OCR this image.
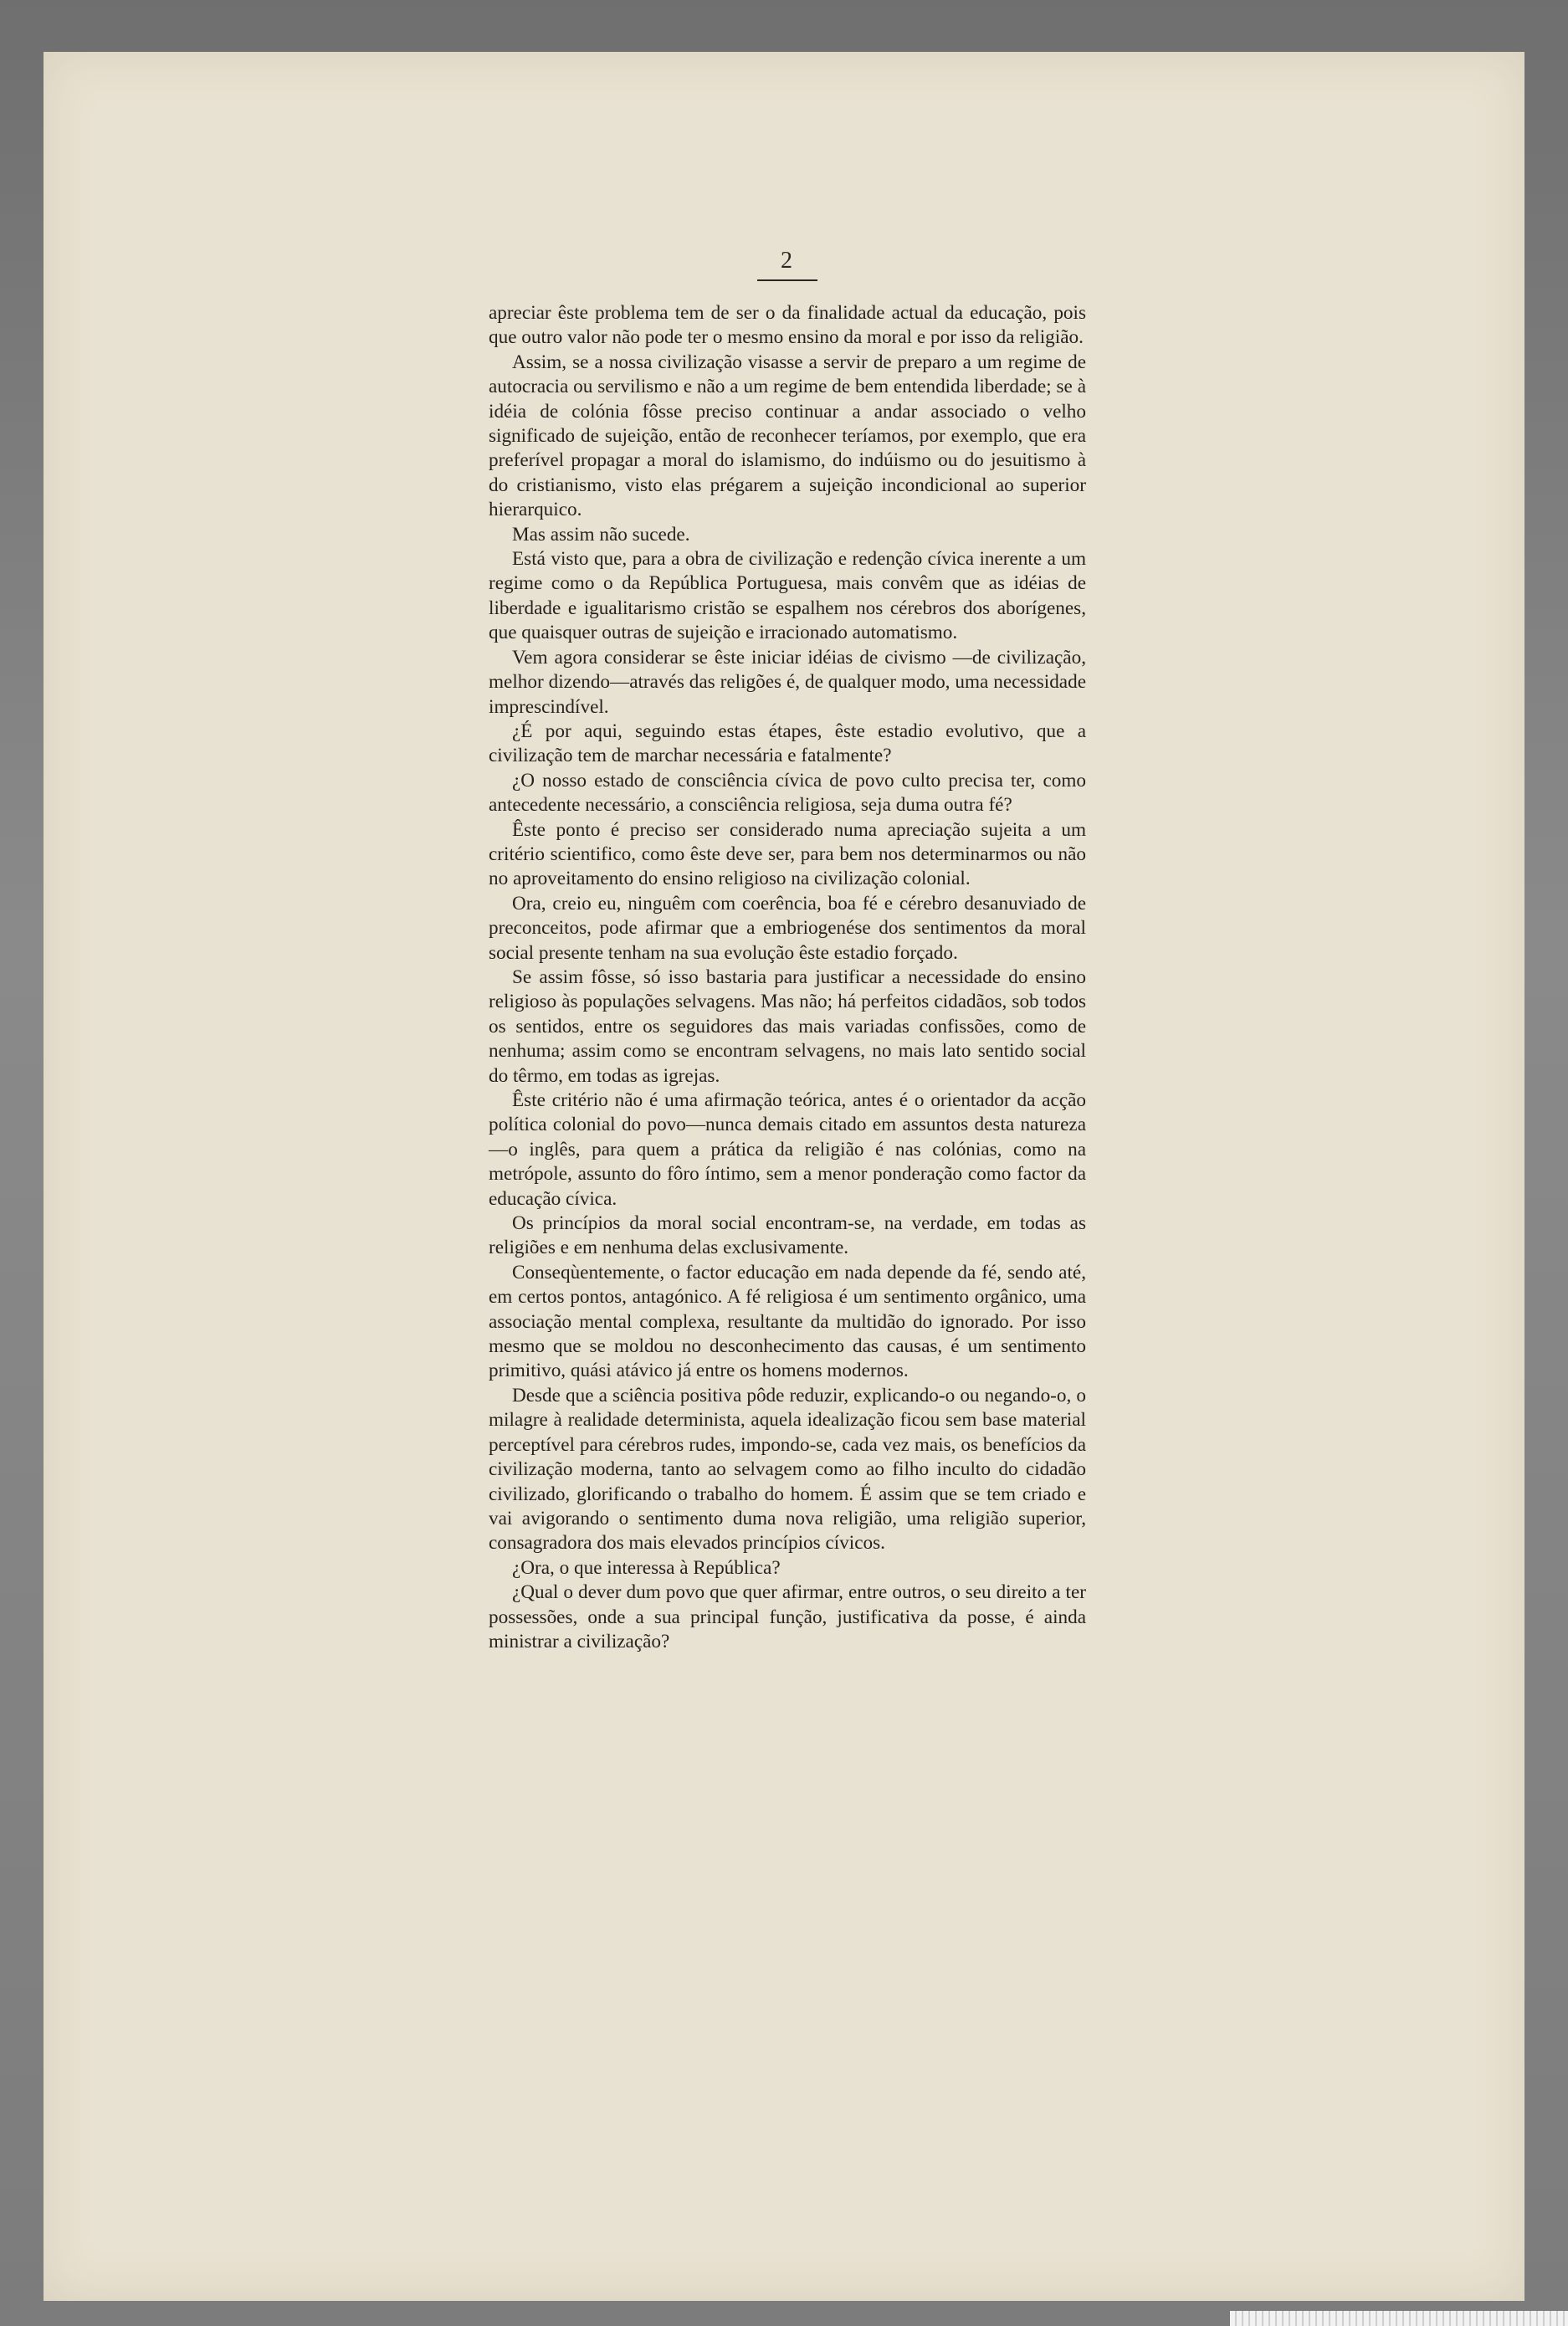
2

apreciar êste problema tem de ser o da finalidade actual da educação, pois que outro valor não pode ter o mesmo ensino da moral e por isso da religião.

Assim, se a nossa civilização visasse a servir de preparo a um regime de autocracia ou servilismo e não a um regime de bem entendida liberdade; se à idéia de colónia fôsse preciso continuar a andar associado o velho significado de sujeição, então de reconhecer teríamos, por exemplo, que era preferível propagar a moral do islamismo, do indúismo ou do jesuitismo à do cristianismo, visto elas prégarem a sujeição incondicional ao superior hierarquico.

Mas assim não sucede.

Está visto que, para a obra de civilização e redenção cívica inerente a um regime como o da República Portuguesa, mais convêm que as idéias de liberdade e igualitarismo cristão se espalhem nos cérebros dos aborígenes, que quaisquer outras de sujeição e irracionado automatismo.

Vem agora considerar se êste iniciar idéias de civismo —de civilização, melhor dizendo—através das religões é, de qualquer modo, uma necessidade imprescindível.

¿É por aqui, seguindo estas étapes, êste estadio evolutivo, que a civilização tem de marchar necessária e fatalmente?

¿O nosso estado de consciência cívica de povo culto precisa ter, como antecedente necessário, a consciência religiosa, seja duma outra fé?

Êste ponto é preciso ser considerado numa apreciação sujeita a um critério scientifico, como êste deve ser, para bem nos determinarmos ou não no aproveitamento do ensino religioso na civilização colonial.

Ora, creio eu, ninguêm com coerência, boa fé e cérebro desanuviado de preconceitos, pode afirmar que a embriogenése dos sentimentos da moral social presente tenham na sua evolução êste estadio forçado.

Se assim fôsse, só isso bastaria para justificar a necessidade do ensino religioso às populações selvagens. Mas não; há perfeitos cidadãos, sob todos os sentidos, entre os seguidores das mais variadas confissões, como de nenhuma; assim como se encontram selvagens, no mais lato sentido social do têrmo, em todas as igrejas.

Êste critério não é uma afirmação teórica, antes é o orientador da acção política colonial do povo—nunca demais citado em assuntos desta natureza—o inglês, para quem a prática da religião é nas colónias, como na metrópole, assunto do fôro íntimo, sem a menor ponderação como factor da educação cívica.

Os princípios da moral social encontram-se, na verdade, em todas as religiões e em nenhuma delas exclusivamente.

Conseqùentemente, o factor educação em nada depende da fé, sendo até, em certos pontos, antagónico. A fé religiosa é um sentimento orgânico, uma associação mental complexa, resultante da multidão do ignorado. Por isso mesmo que se moldou no desconhecimento das causas, é um sentimento primitivo, quási atávico já entre os homens modernos.

Desde que a sciência positiva pôde reduzir, explicando-o ou negando-o, o milagre à realidade determinista, aquela idealização ficou sem base material perceptível para cérebros rudes, impondo-se, cada vez mais, os benefícios da civilização moderna, tanto ao selvagem como ao filho inculto do cidadão civilizado, glorificando o trabalho do homem. É assim que se tem criado e vai avigorando o sentimento duma nova religião, uma religião superior, consagradora dos mais elevados princípios cívicos.

¿Ora, o que interessa à República?

¿Qual o dever dum povo que quer afirmar, entre outros, o seu direito a ter possessões, onde a sua principal função, justificativa da posse, é ainda ministrar a civilização?
